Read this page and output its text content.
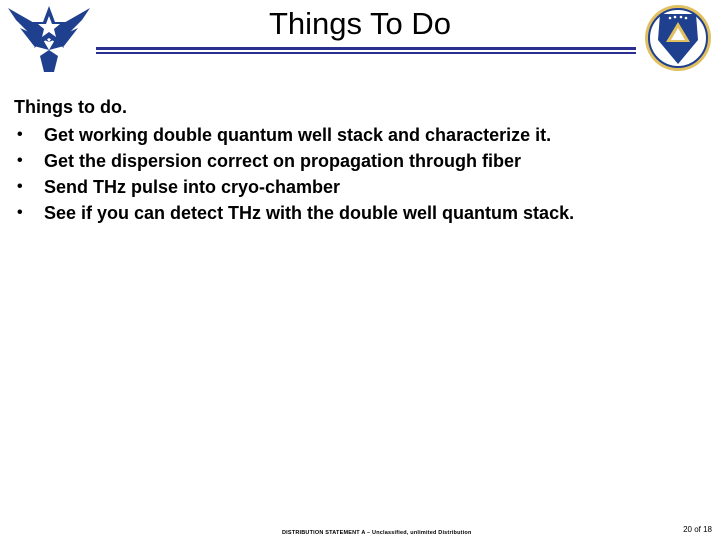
Things To Do

Things to do.

• Get working double quantum well stack and characterize it.
• Get the dispersion correct on propagation through fiber
• Send THz pulse into cryo-chamber
• See if you can detect THz with the double well quantum stack.
DISTRIBUTION STATEMENT A – Unclassified, unlimited Distribution	20 of 18
